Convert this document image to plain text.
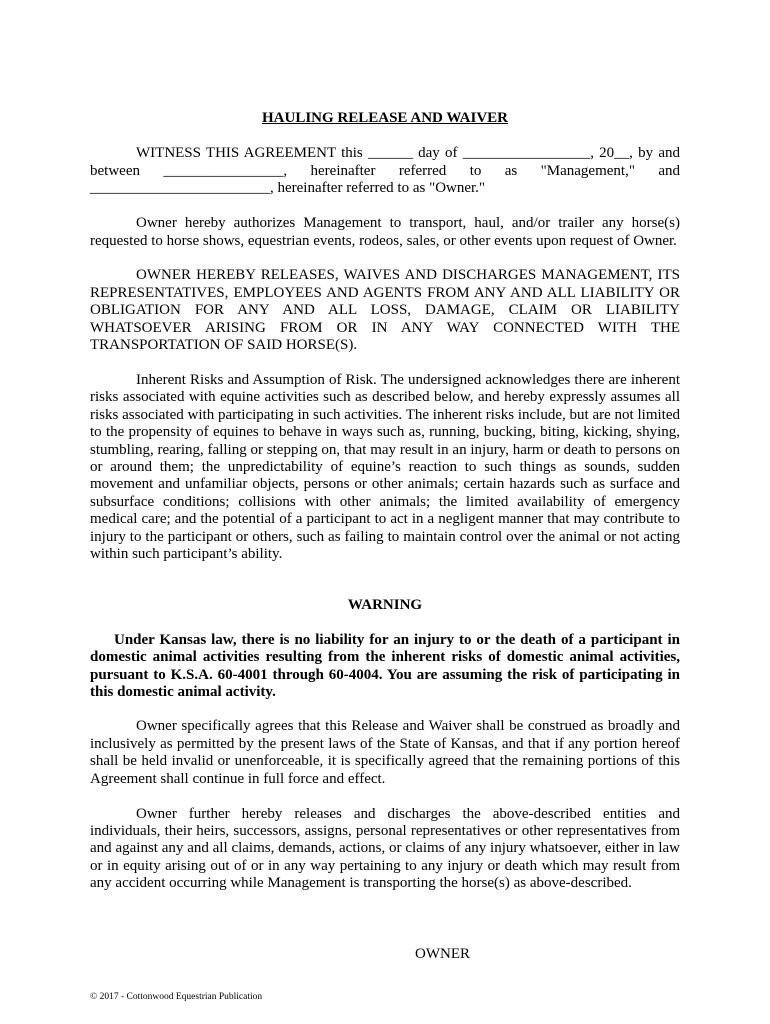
HAULING RELEASE AND WAIVER

WITNESS THIS AGREEMENT this ______ day of _________________, 20__, by and between ________________, hereinafter referred to as "Management," and ________________________, hereinafter referred to as "Owner."

Owner hereby authorizes Management to transport, haul, and/or trailer any horse(s) requested to horse shows, equestrian events, rodeos, sales, or other events upon request of Owner.

OWNER HEREBY RELEASES, WAIVES AND DISCHARGES MANAGEMENT, ITS REPRESENTATIVES, EMPLOYEES AND AGENTS FROM ANY AND ALL LIABILITY OR OBLIGATION FOR ANY AND ALL LOSS, DAMAGE, CLAIM OR LIABILITY WHATSOEVER ARISING FROM OR IN ANY WAY CONNECTED WITH THE TRANSPORTATION OF SAID HORSE(S).

Inherent Risks and Assumption of Risk. The undersigned acknowledges there are inherent risks associated with equine activities such as described below, and hereby expressly assumes all risks associated with participating in such activities. The inherent risks include, but are not limited to the propensity of equines to behave in ways such as, running, bucking, biting, kicking, shying, stumbling, rearing, falling or stepping on, that may result in an injury, harm or death to persons on or around them; the unpredictability of equine’s reaction to such things as sounds, sudden movement and unfamiliar objects, persons or other animals; certain hazards such as surface and subsurface conditions; collisions with other animals; the limited availability of emergency medical care; and the potential of a participant to act in a negligent manner that may contribute to injury to the participant or others, such as failing to maintain control over the animal or not acting within such participant’s ability.

WARNING

Under Kansas law, there is no liability for an injury to or the death of a participant in domestic animal activities resulting from the inherent risks of domestic animal activities, pursuant to K.S.A. 60-4001 through 60-4004. You are assuming the risk of participating in this domestic animal activity.

Owner specifically agrees that this Release and Waiver shall be construed as broadly and inclusively as permitted by the present laws of the State of Kansas, and that if any portion hereof shall be held invalid or unenforceable, it is specifically agreed that the remaining portions of this Agreement shall continue in full force and effect.

Owner further hereby releases and discharges the above-described entities and individuals, their heirs, successors, assigns, personal representatives or other representatives from and against any and all claims, demands, actions, or claims of any injury whatsoever, either in law or in equity arising out of or in any way pertaining to any injury or death which may result from any accident occurring while Management is transporting the horse(s) as above-described.

OWNER
© 2017 - Cottonwood Equestrian Publication
